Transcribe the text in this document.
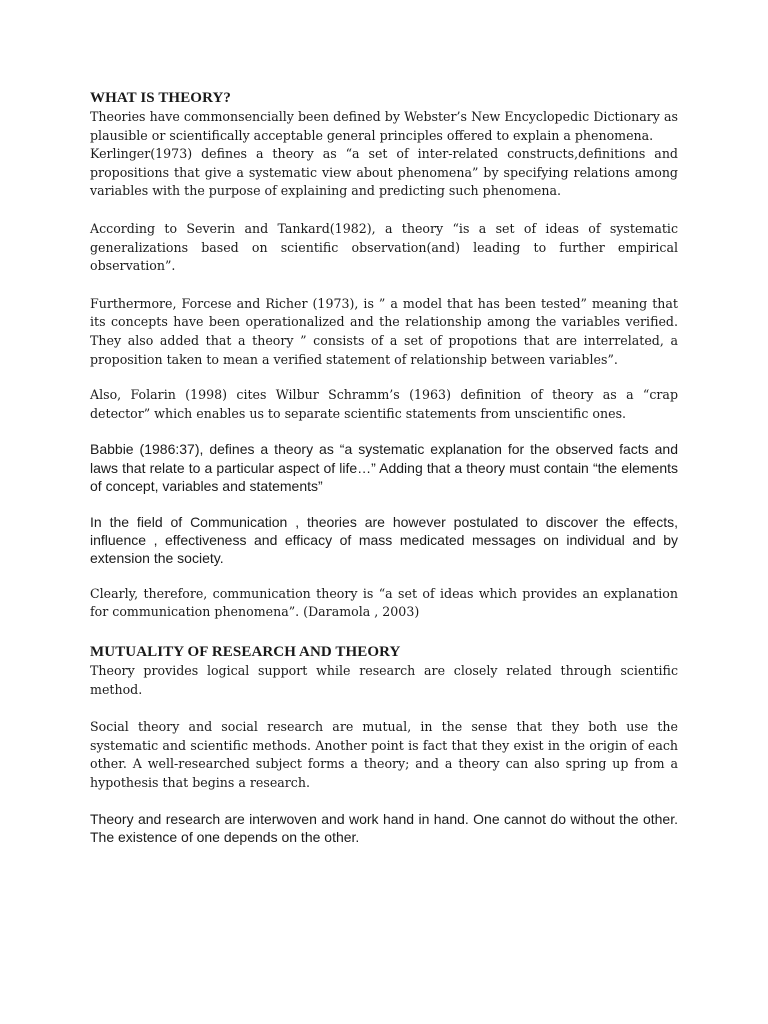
WHAT IS THEORY?

Theories have commonsencially been defined by Webster’s New Encyclopedic Dictionary as plausible or scientifically acceptable general principles offered to explain a phenomena.

Kerlinger(1973) defines a theory as “a set of inter-related constructs,definitions and propositions that give a systematic view about phenomena” by specifying relations among variables with the purpose of explaining and predicting such phenomena.

According to Severin and Tankard(1982), a theory “is a set of ideas of systematic generalizations based on scientific observation(and) leading to further empirical observation”.

Furthermore, Forcese and Richer (1973), is ” a model that has been tested” meaning that its concepts have been operationalized and the relationship among the variables verified. They also added that a theory ” consists of a set of propotions that are interrelated, a proposition taken to mean a verified statement of relationship between variables”.

Also, Folarin (1998) cites Wilbur Schramm’s (1963) definition of theory as a “crap detector” which enables us to separate scientific statements from unscientific ones.

Babbie (1986:37), defines a theory as “a systematic explanation for the observed facts and laws that relate to a particular aspect of life…” Adding that a theory must contain “the elements of concept, variables and statements”

In the field of Communication , theories are however postulated to discover the effects, influence , effectiveness and efficacy of mass medicated messages on individual and by extension the society.

Clearly, therefore, communication theory is “a set of ideas which provides an explanation for communication phenomena”. (Daramola , 2003)

MUTUALITY OF RESEARCH AND THEORY

Theory provides logical support while research are closely related through scientific method.

Social theory and social research are mutual, in the sense that they both use the systematic and scientific methods. Another point is fact that they exist in the origin of each other. A well-researched subject forms a theory; and a theory can also spring up from a hypothesis that begins a research.

Theory and research are interwoven and work hand in hand. One cannot do without the other. The existence of one depends on the other.
